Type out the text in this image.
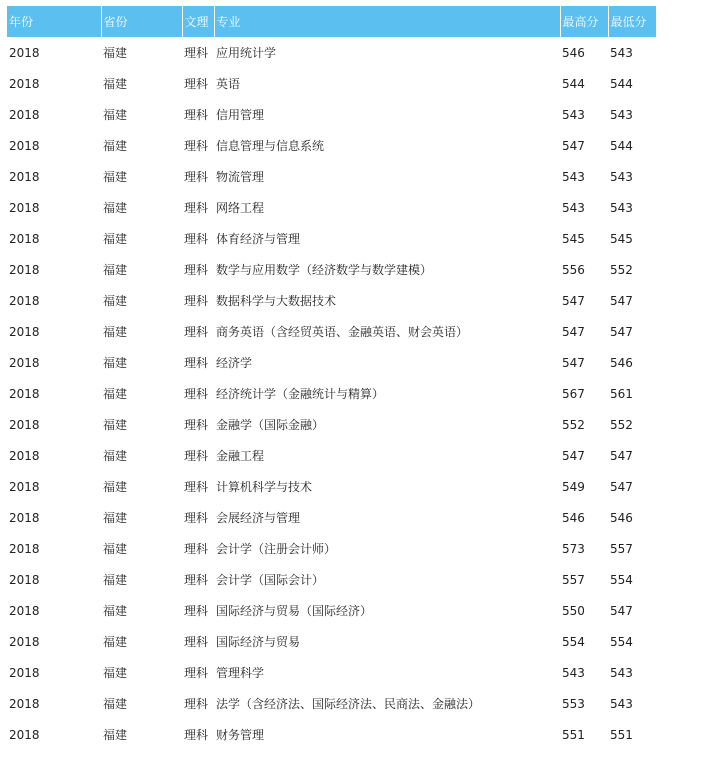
年份	省份	文理	专业	最高分	最低分
2018	福建	理科	应用统计学	546	543
2018	福建	理科	英语	544	544
2018	福建	理科	信用管理	543	543
2018	福建	理科	信息管理与信息系统	547	544
2018	福建	理科	物流管理	543	543
2018	福建	理科	网络工程	543	543
2018	福建	理科	体育经济与管理	545	545
2018	福建	理科	数学与应用数学（经济数学与数学建模）	556	552
2018	福建	理科	数据科学与大数据技术	547	547
2018	福建	理科	商务英语（含经贸英语、金融英语、财会英语）	547	547
2018	福建	理科	经济学	547	546
2018	福建	理科	经济统计学（金融统计与精算）	567	561
2018	福建	理科	金融学（国际金融）	552	552
2018	福建	理科	金融工程	547	547
2018	福建	理科	计算机科学与技术	549	547
2018	福建	理科	会展经济与管理	546	546
2018	福建	理科	会计学（注册会计师）	573	557
2018	福建	理科	会计学（国际会计）	557	554
2018	福建	理科	国际经济与贸易（国际经济）	550	547
2018	福建	理科	国际经济与贸易	554	554
2018	福建	理科	管理科学	543	543
2018	福建	理科	法学（含经济法、国际经济法、民商法、金融法）	553	543
2018	福建	理科	财务管理	551	551
